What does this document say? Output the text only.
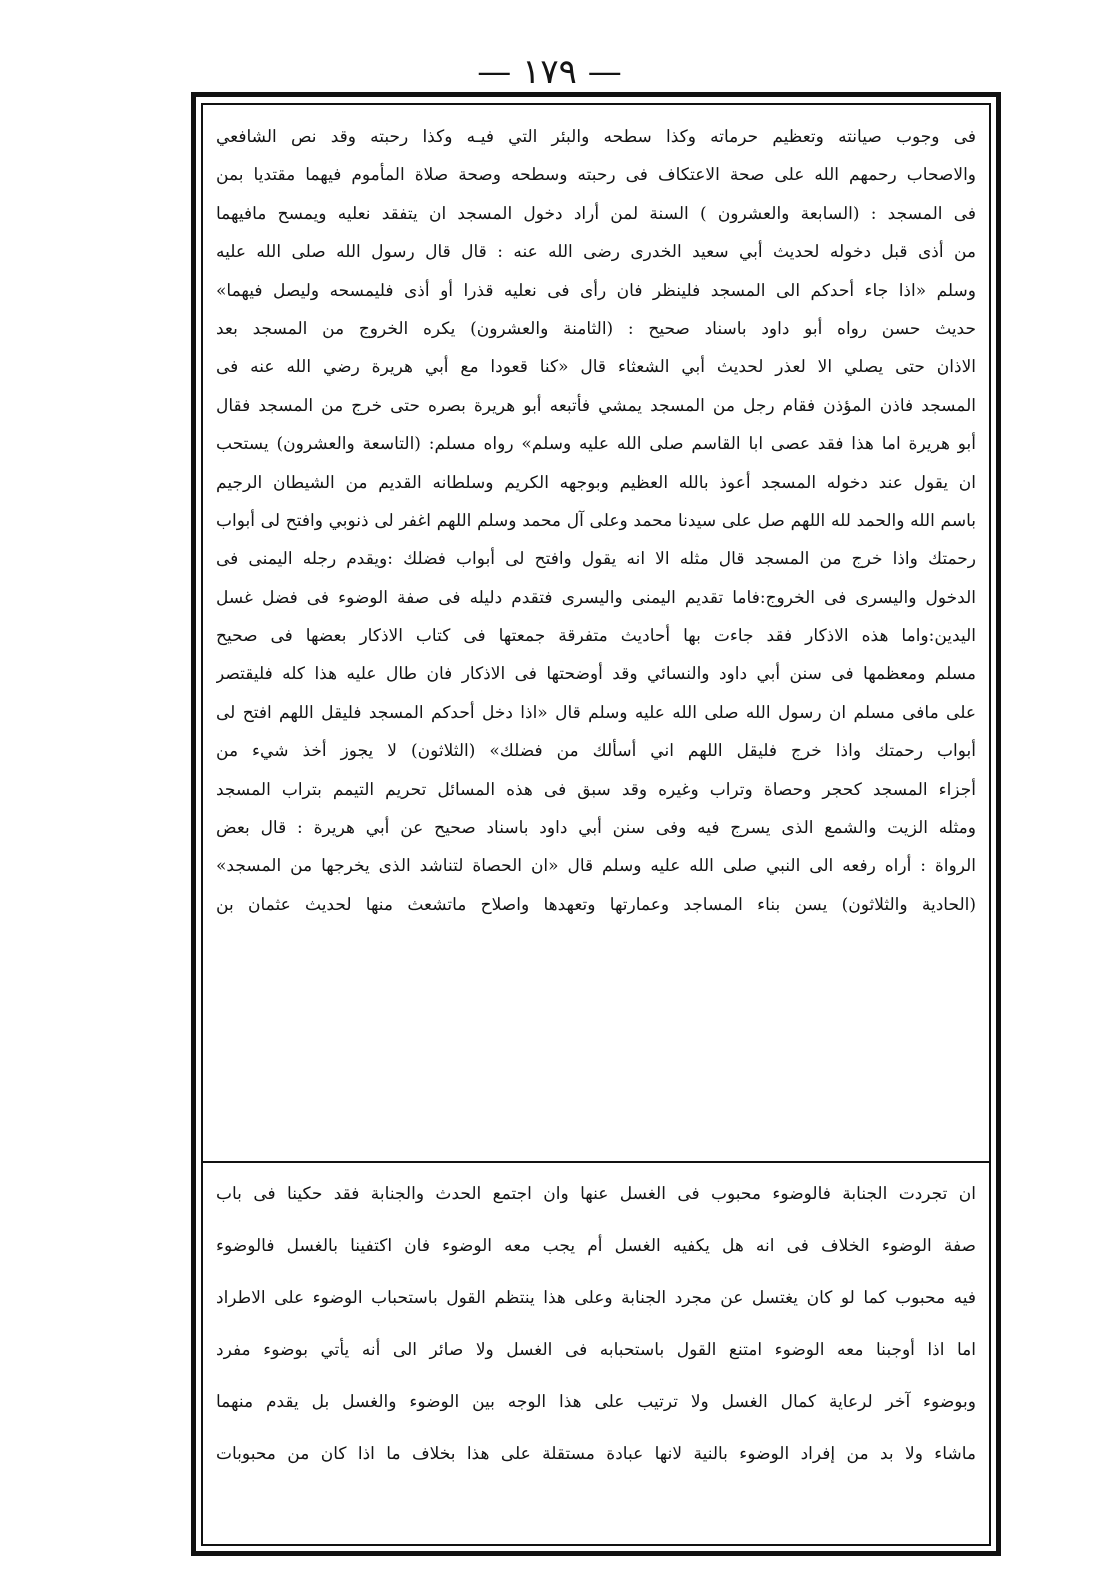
— ١٧٩ —
فى وجوب صيانته وتعظيم حرماته وكذا سطحه والبئر التي فيـه وكذا رحبته وقد نص الشافعي
والاصحاب رحمهم الله على صحة الاعتكاف فى رحبته وسطحه وصحة صلاة المأموم فيهما مقتديا بمن
فى المسجد : (السابعة والعشرون ) السنة لمن أراد دخول المسجد ان يتفقد نعليه ويمسح مافيهما
من أذى قبل دخوله لحديث أبي سعيد الخدرى رضى الله عنه : قال قال رسول الله صلى الله عليه
وسلم «اذا جاء أحدكم الى المسجد فلينظر فان رأى فى نعليه قذرا أو أذى فليمسحه وليصل فيهما»
حديث حسن رواه أبو داود باسناد صحيح : (الثامنة والعشرون) يكره الخروج من المسجد بعد
الاذان حتى يصلي الا لعذر لحديث أبي الشعثاء قال «كنا قعودا مع أبي هريرة رضي الله عنه فى
المسجد فاذن المؤذن فقام رجل من المسجد يمشي فأتبعه أبو هريرة بصره حتى خرج من المسجد فقال
أبو هريرة اما هذا فقد عصى ابا القاسم صلى الله عليه وسلم» رواه مسلم: (التاسعة والعشرون) يستحب
ان يقول عند دخوله المسجد أعوذ بالله العظيم وبوجهه الكريم وسلطانه القديم من الشيطان الرجيم
باسم الله والحمد لله اللهم صل على سيدنا محمد وعلى آل محمد وسلم اللهم اغفر لى ذنوبي وافتح لى أبواب
رحمتك واذا خرج من المسجد قال مثله الا انه يقول وافتح لى أبواب فضلك :ويقدم رجله اليمنى فى
الدخول واليسرى فى الخروج:فاما تقديم اليمنى واليسرى فتقدم دليله فى صفة الوضوء فى فضل غسل
اليدين:واما هذه الاذكار فقد جاءت بها أحاديث متفرقة جمعتها فى كتاب الاذكار بعضها فى صحيح
مسلم ومعظمها فى سنن أبي داود والنسائي وقد أوضحتها فى الاذكار فان طال عليه هذا كله فليقتصر
على مافى مسلم ان رسول الله صلى الله عليه وسلم قال «اذا دخل أحدكم المسجد فليقل اللهم افتح لى
أبواب رحمتك واذا خرج فليقل اللهم اني أسألك من فضلك» (الثلاثون) لا يجوز أخذ شيء من
أجزاء المسجد كحجر وحصاة وتراب وغيره وقد سبق فى هذه المسائل تحريم التيمم بتراب المسجد
ومثله الزيت والشمع الذى يسرج فيه وفى سنن أبي داود باسناد صحيح عن أبي هريرة : قال بعض
الرواة : أراه رفعه الى النبي صلى الله عليه وسلم قال «ان الحصاة لتناشد الذى يخرجها من المسجد»
(الحادية والثلاثون) يسن بناء المساجد وعمارتها وتعهدها واصلاح ماتشعث منها لحديث عثمان بن
ان تجردت الجنابة فالوضوء محبوب فى الغسل عنها وان اجتمع الحدث والجنابة فقد حكينا فى باب
صفة الوضوء الخلاف فى انه هل يكفيه الغسل أم يجب معه الوضوء فان اكتفينا بالغسل فالوضوء
فيه محبوب كما لو كان يغتسل عن مجرد الجنابة وعلى هذا ينتظم القول باستحباب الوضوء على الاطراد
اما اذا أوجبنا معه الوضوء امتنع القول باستحبابه فى الغسل ولا صائر الى أنه يأتي بوضوء مفرد
وبوضوء آخر لرعاية كمال الغسل ولا ترتيب على هذا الوجه بين الوضوء والغسل بل يقدم منهما
ماشاء ولا بد من إفراد الوضوء بالنية لانها عبادة مستقلة على هذا بخلاف ما اذا كان من محبوبات
